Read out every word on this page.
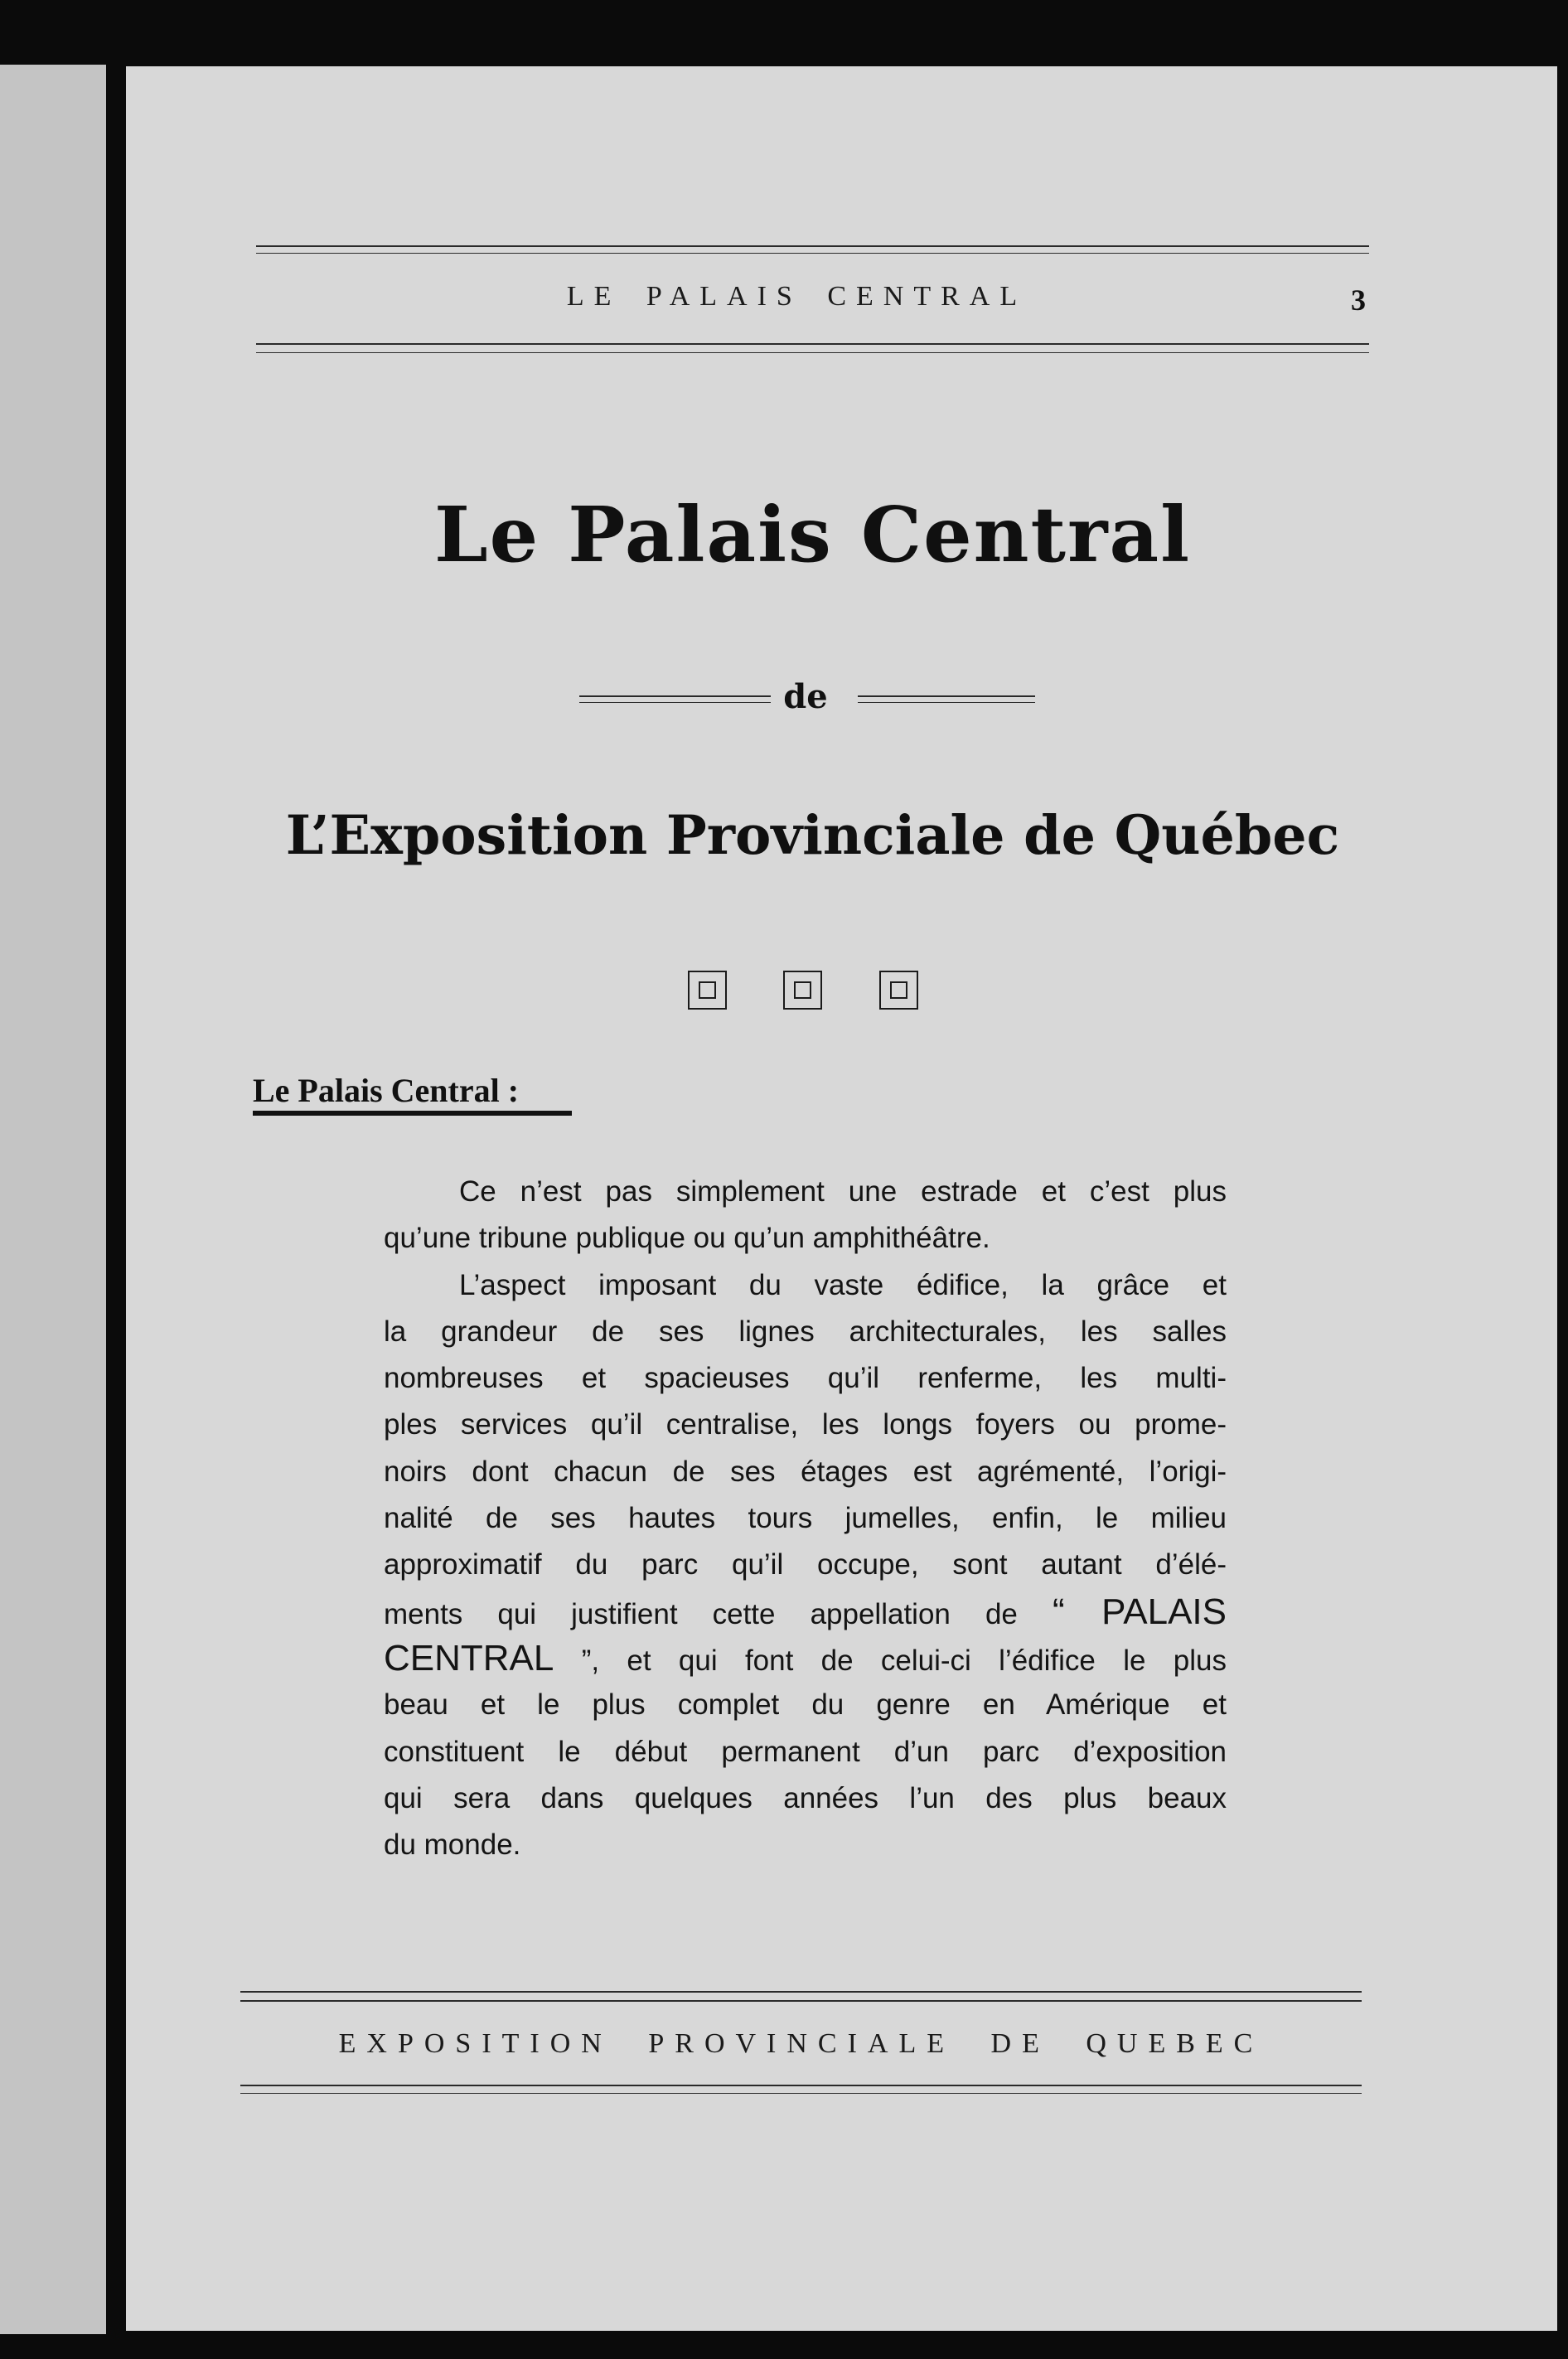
LE PALAIS CENTRAL	3
Le Palais Central
de
L’Exposition Provinciale de Québec
Le Palais Central :
Ce n’est pas simplement une estrade et c’est plus
qu’une tribune publique ou qu’un amphithéâtre.
L’aspect imposant du vaste édifice, la grâce et
la grandeur de ses lignes architecturales, les salles
nombreuses et spacieuses qu’il renferme, les multi-
ples services qu’il centralise, les longs foyers ou prome-
noirs dont chacun de ses étages est agrémenté, l’origi-
nalité de ses hautes tours jumelles, enfin, le milieu
approximatif du parc qu’il occupe, sont autant d’élé-
ments qui justifient cette appellation de “ PALAIS
CENTRAL ”, et qui font de celui-ci l’édifice le plus
beau et le plus complet du genre en Amérique et
constituent le début permanent d’un parc d’exposition
qui sera dans quelques années l’un des plus beaux
du monde.
EXPOSITION PROVINCIALE DE QUEBEC
